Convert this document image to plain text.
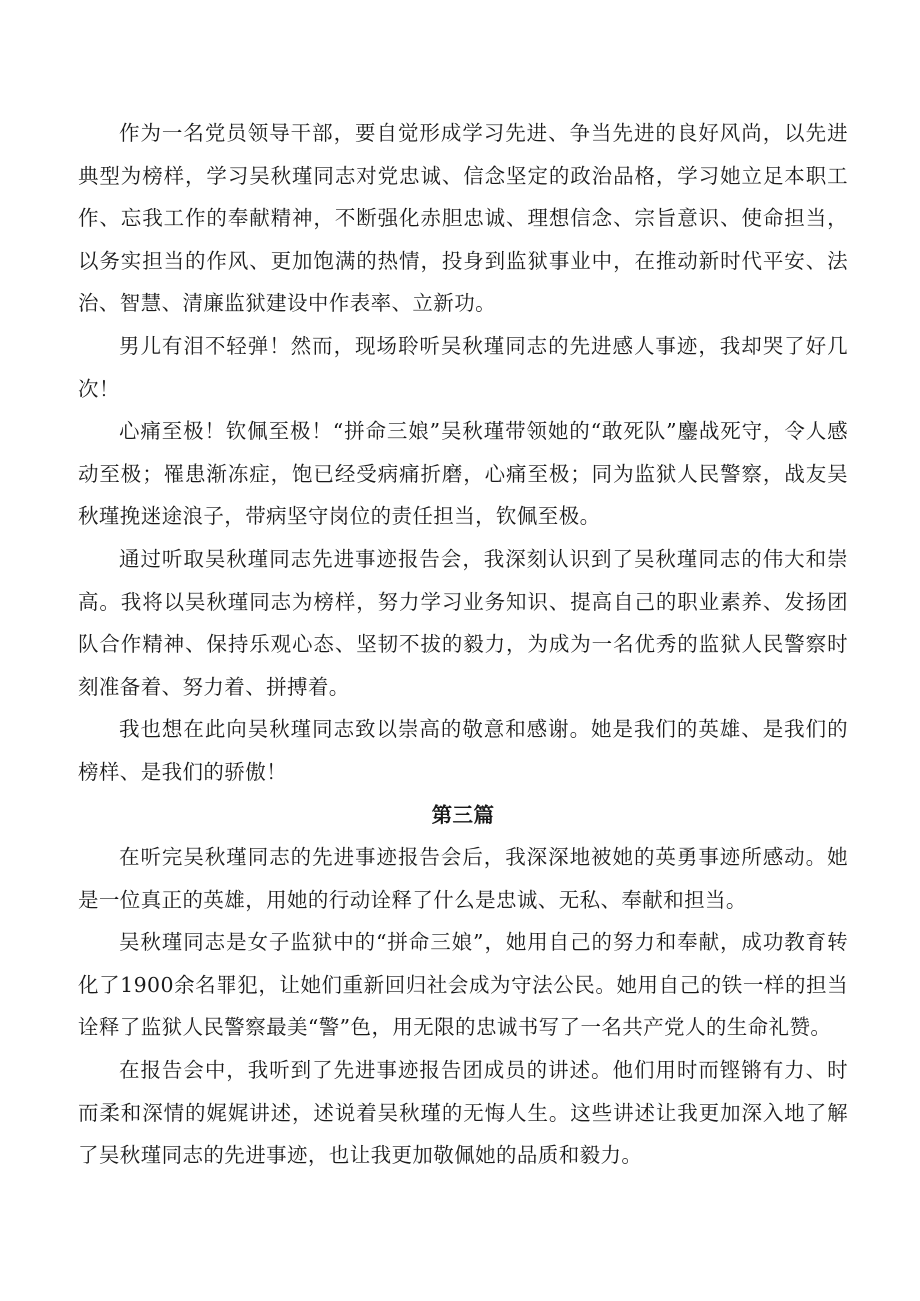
作为一名党员领导干部，要自觉形成学习先进、争当先进的良好风尚，以先进典型为榜样，学习吴秋瑾同志对党忠诚、信念坚定的政治品格，学习她立足本职工作、忘我工作的奉献精神，不断强化赤胆忠诚、理想信念、宗旨意识、使命担当，以务实担当的作风、更加饱满的热情，投身到监狱事业中，在推动新时代平安、法治、智慧、清廉监狱建设中作表率、立新功。

男儿有泪不轻弹！然而，现场聆听吴秋瑾同志的先进感人事迹，我却哭了好几次！

心痛至极！钦佩至极！“拼命三娘”吴秋瑾带领她的“敢死队”鏖战死守，令人感动至极；罹患渐冻症，饱已经受病痛折磨，心痛至极；同为监狱人民警察，战友吴秋瑾挽迷途浪子，带病坚守岗位的责任担当，钦佩至极。

通过听取吴秋瑾同志先进事迹报告会，我深刻认识到了吴秋瑾同志的伟大和崇高。我将以吴秋瑾同志为榜样，努力学习业务知识、提高自己的职业素养、发扬团队合作精神、保持乐观心态、坚韧不拔的毅力，为成为一名优秀的监狱人民警察时刻准备着、努力着、拼搏着。

我也想在此向吴秋瑾同志致以崇高的敬意和感谢。她是我们的英雄、是我们的榜样、是我们的骄傲！

第三篇

在听完吴秋瑾同志的先进事迹报告会后，我深深地被她的英勇事迹所感动。她是一位真正的英雄，用她的行动诠释了什么是忠诚、无私、奉献和担当。

吴秋瑾同志是女子监狱中的“拼命三娘”，她用自己的努力和奉献，成功教育转化了1900余名罪犯，让她们重新回归社会成为守法公民。她用自己的铁一样的担当诠释了监狱人民警察最美“警”色，用无限的忠诚书写了一名共产党人的生命礼赞。

在报告会中，我听到了先进事迹报告团成员的讲述。他们用时而铿锵有力、时而柔和深情的娓娓讲述，述说着吴秋瑾的无悔人生。这些讲述让我更加深入地了解了吴秋瑾同志的先进事迹，也让我更加敬佩她的品质和毅力。
